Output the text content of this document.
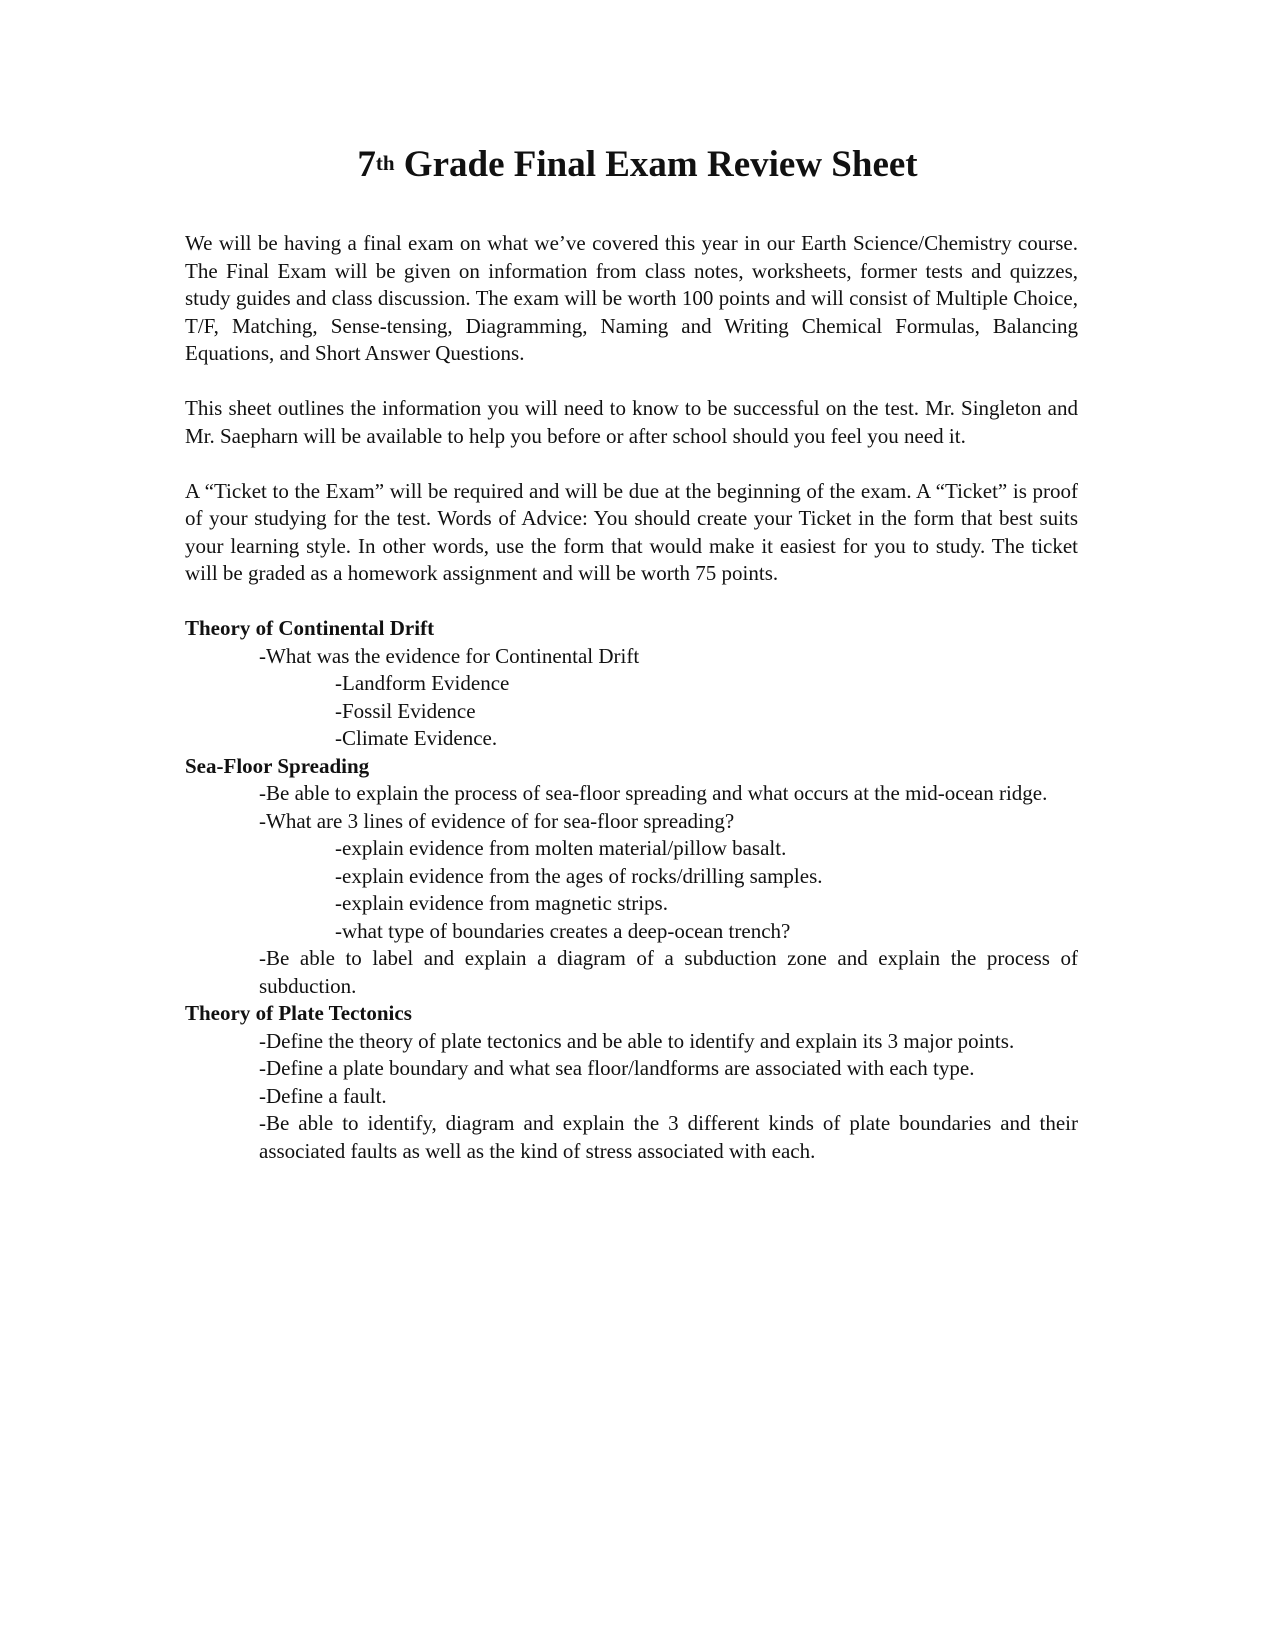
7th Grade Final Exam Review Sheet

We will be having a final exam on what we’ve covered this year in our Earth Science/Chemistry course. The Final Exam will be given on information from class notes, worksheets, former tests and quizzes, study guides and class discussion. The exam will be worth 100 points and will consist of Multiple Choice, T/F, Matching, Sense-tensing, Diagramming, Naming and Writing Chemical Formulas, Balancing Equations, and Short Answer Questions.

This sheet outlines the information you will need to know to be successful on the test. Mr. Singleton and Mr. Saepharn will be available to help you before or after school should you feel you need it.

A “Ticket to the Exam” will be required and will be due at the beginning of the exam. A “Ticket” is proof of your studying for the test. Words of Advice: You should create your Ticket in the form that best suits your learning style. In other words, use the form that would make it easiest for you to study. The ticket will be graded as a homework assignment and will be worth 75 points.

Theory of Continental Drift

-What was the evidence for Continental Drift

-Landform Evidence

-Fossil Evidence

-Climate Evidence.

Sea-Floor Spreading

-Be able to explain the process of sea-floor spreading and what occurs at the mid-ocean ridge.

-What are 3 lines of evidence of for sea-floor spreading?

-explain evidence from molten material/pillow basalt.

-explain evidence from the ages of rocks/drilling samples.

-explain evidence from magnetic strips.

-what type of boundaries creates a deep-ocean trench?

-Be able to label and explain a diagram of a subduction zone and explain the process of subduction.

Theory of Plate Tectonics

-Define the theory of plate tectonics and be able to identify and explain its 3 major points.

-Define a plate boundary and what sea floor/landforms are associated with each type.

-Define a fault.

-Be able to identify, diagram and explain the 3 different kinds of plate boundaries and their associated faults as well as the kind of stress associated with each.
